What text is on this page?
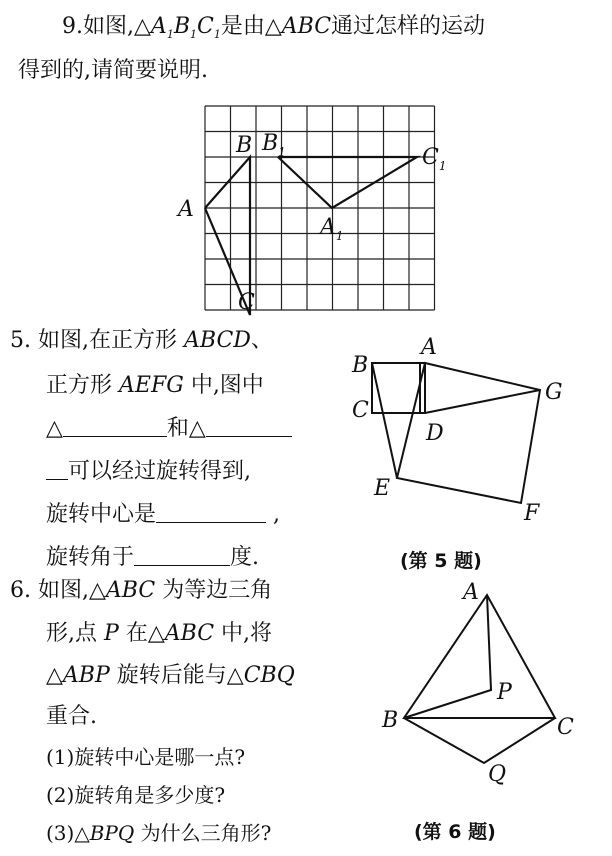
9.如图$,\triangle A_1B_1C_1$是由△ABC通过怎样的运动
得到的,请简要说明.
A
B
C
$B_1$	$C_1$
$A_1$
5. 如图,在正方形 ABCD、
正方形 AEFG 中,图中
△	和△
可以经过旋转得到,
旋转中心是	,
旋转角于	度.
B
A
G
C
D
E
F
(第 5 题)
6. 如图,△ABC 为等边三角
形,点 P 在△ABC 中,将
△ABP 旋转后能与△CBQ
重合.
(1)旋转中心是哪一点?
(2)旋转角是多少度?
(3)△BPQ 为什么三角形?
A
P
B	C
Q
(第 6 题)
